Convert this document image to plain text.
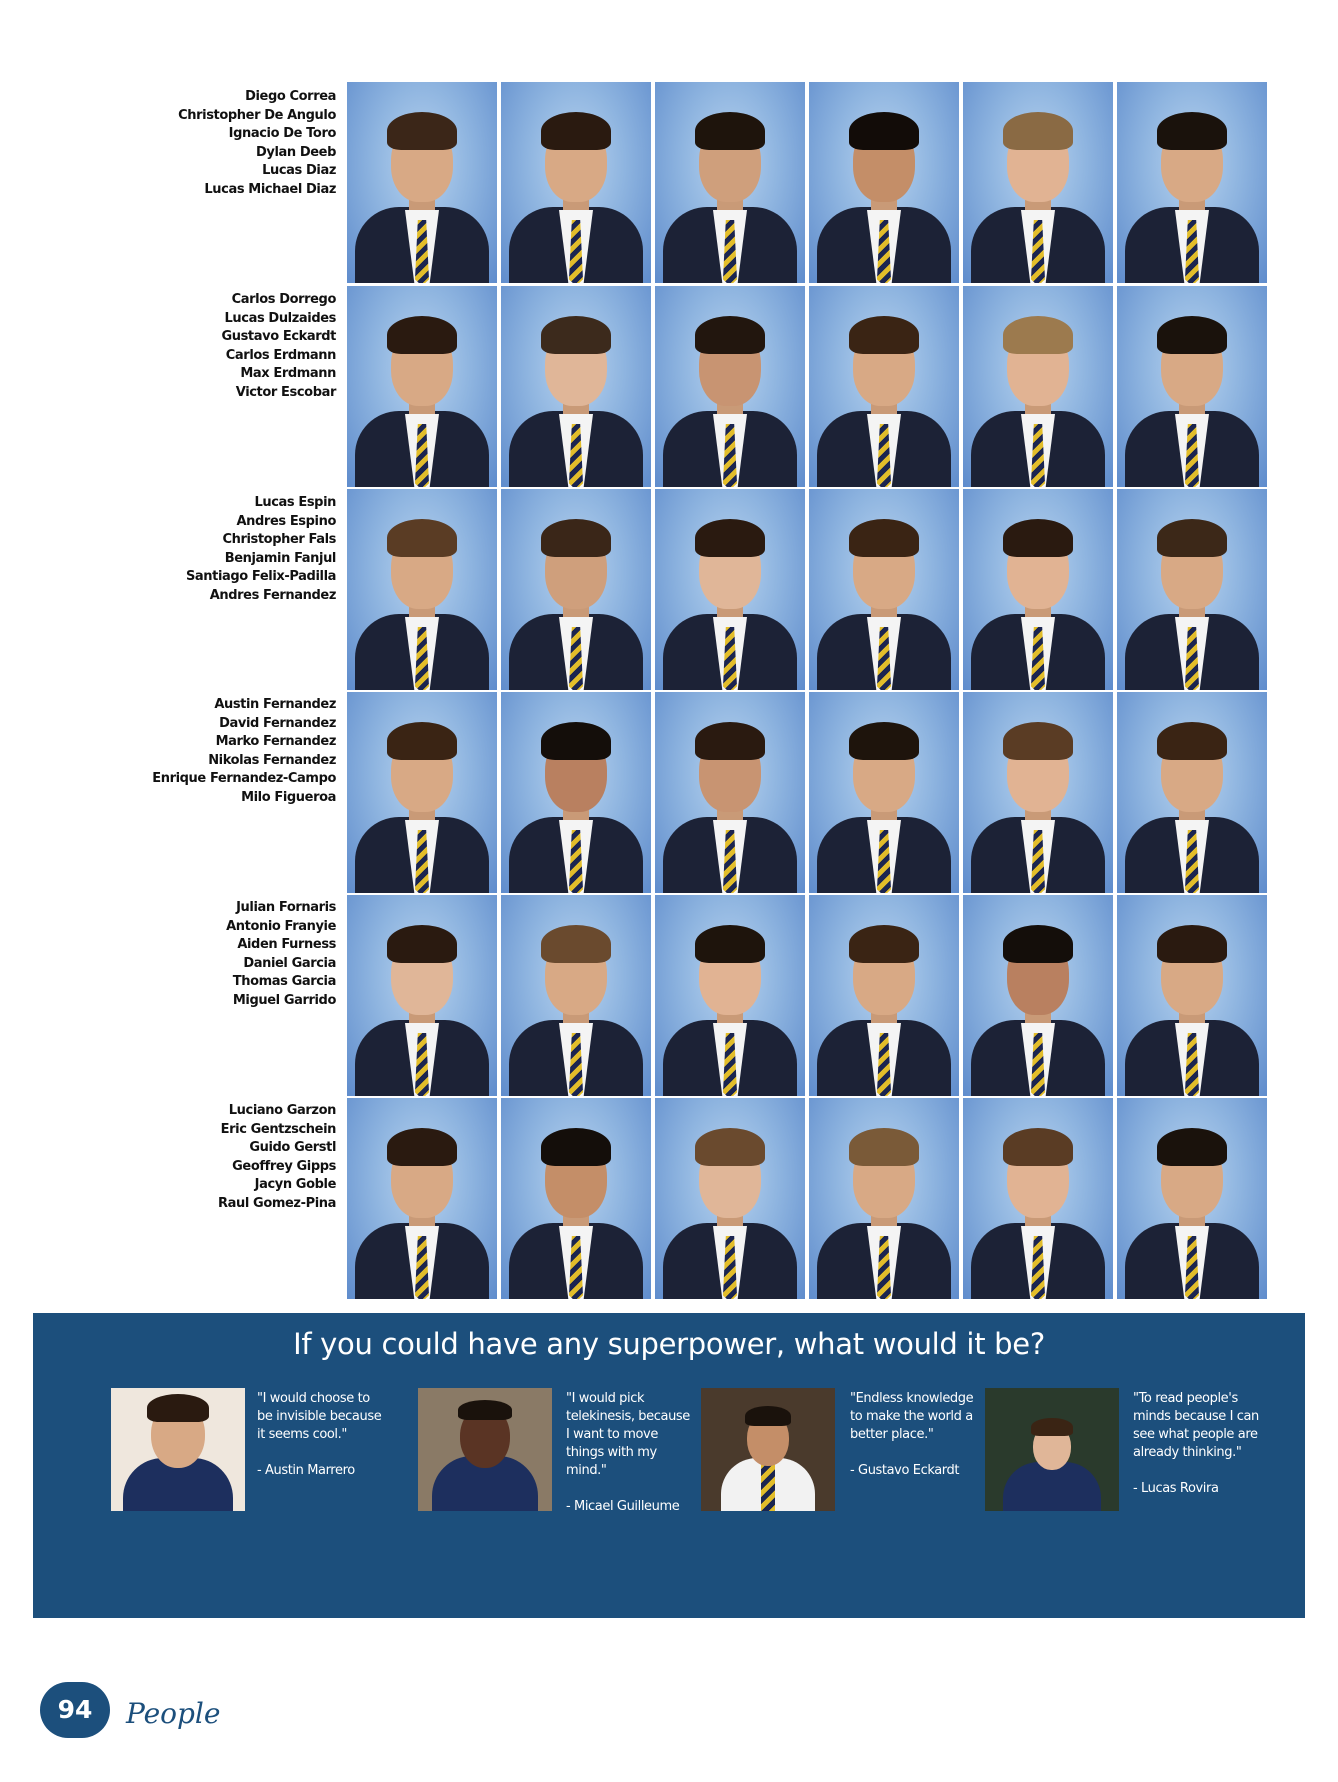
Diego Correa
Christopher De Angulo
Ignacio De Toro
Dylan Deeb
Lucas Diaz
Lucas Michael Diaz
Carlos Dorrego
Lucas Dulzaides
Gustavo Eckardt
Carlos Erdmann
Max Erdmann
Victor Escobar
Lucas Espin
Andres Espino
Christopher Fals
Benjamin Fanjul
Santiago Felix-Padilla
Andres Fernandez
Austin Fernandez
David Fernandez
Marko Fernandez
Nikolas Fernandez
Enrique Fernandez-Campo
Milo Figueroa
Julian Fornaris
Antonio Franyie
Aiden Furness
Daniel Garcia
Thomas Garcia
Miguel Garrido
Luciano Garzon
Eric Gentzschein
Guido Gerstl
Geoffrey Gipps
Jacyn Goble
Raul Gomez-Pina
If you could have any superpower, what would it be?
"I would choose to be invisible because it seems cool."
- Austin Marrero
"I would pick telekinesis, because I want to move things with my mind."
- Micael Guilleume
"Endless knowledge to make the world a better place."
- Gustavo Eckardt
"To read people's minds because I can see what people are already thinking."
- Lucas Rovira
94	People
